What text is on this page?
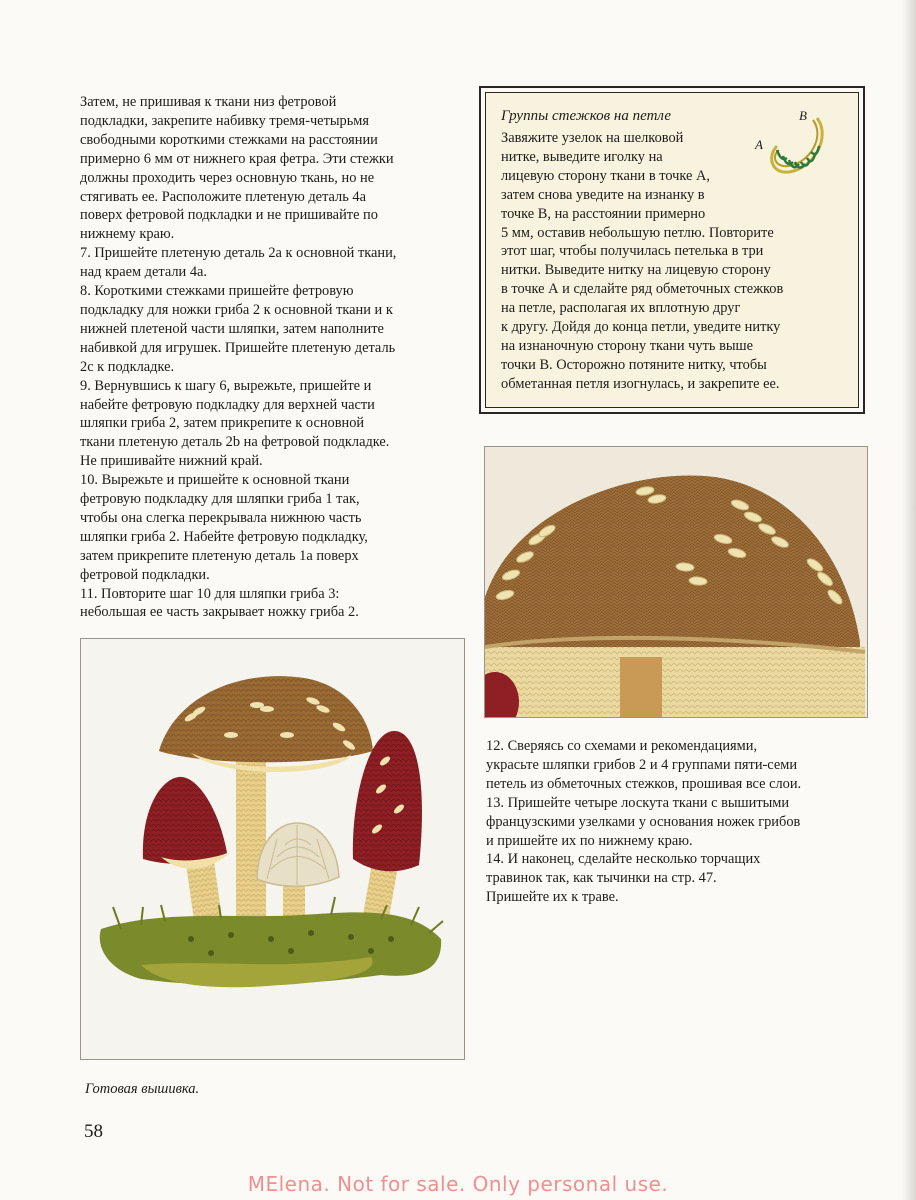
Затем, не пришивая к ткани низ фетровой

подкладки, закрепите набивку тремя-четырьмя

свободными короткими стежками на расстоянии

примерно 6 мм от нижнего края фетра. Эти стежки

должны проходить через основную ткань, но не

стягивать ее. Расположите плетеную деталь 4а

поверх фетровой подкладки и не пришивайте по

нижнему краю.

7. Пришейте плетеную деталь 2а к основной ткани,

над краем детали 4а.

8. Короткими стежками пришейте фетровую

подкладку для ножки гриба 2 к основной ткани и к

нижней плетеной части шляпки, затем наполните

набивкой для игрушек. Пришейте плетеную деталь

2с к подкладке.

9. Вернувшись к шагу 6, вырежьте, пришейте и

набейте фетровую подкладку для верхней части

шляпки гриба 2, затем прикрепите к основной

ткани плетеную деталь 2b на фетровой подкладке.

Не пришивайте нижний край.

10. Вырежьте и пришейте к основной ткани

фетровую подкладку для шляпки гриба 1 так,

чтобы она слегка перекрывала нижнюю часть

шляпки гриба 2. Набейте фетровую подкладку,

затем прикрепите плетеную деталь 1а поверх

фетровой подкладки.

11. Повторите шаг 10 для шляпки гриба 3:

небольшая ее часть закрывает ножку гриба 2.

Группы стежков на петле
Завяжите узелок на шелковой
нитке, выведите иголку на
лицевую сторону ткани в точке А,
затем снова уведите на изнанку в
точке В, на расстоянии примерно
5 мм, оставив небольшую петлю. Повторите
этот шаг, чтобы получилась петелька в три
нитки. Выведите нитку на лицевую сторону
в точке А и сделайте ряд обметочных стежков
на петле, располагая их вплотную друг
к другу. Дойдя до конца петли, уведите нитку
на изнаночную сторону ткани чуть выше
точки В. Осторожно потяните нитку, чтобы
обметанная петля изогнулась, и закрепите ее.
B
A

12. Сверяясь со схемами и рекомендациями,

украсьте шляпки грибов 2 и 4 группами пяти-семи

петель из обметочных стежков, прошивая все слои.

13. Пришейте четыре лоскута ткани с вышитыми

французскими узелками у основания ножек грибов

и пришейте их по нижнему краю.

14. И наконец, сделайте несколько торчащих

травинок так, как тычинки на стр. 47.

Пришейте их к траве.

Готовая вышивка.
58
MElena. Not for sale. Only personal use.
